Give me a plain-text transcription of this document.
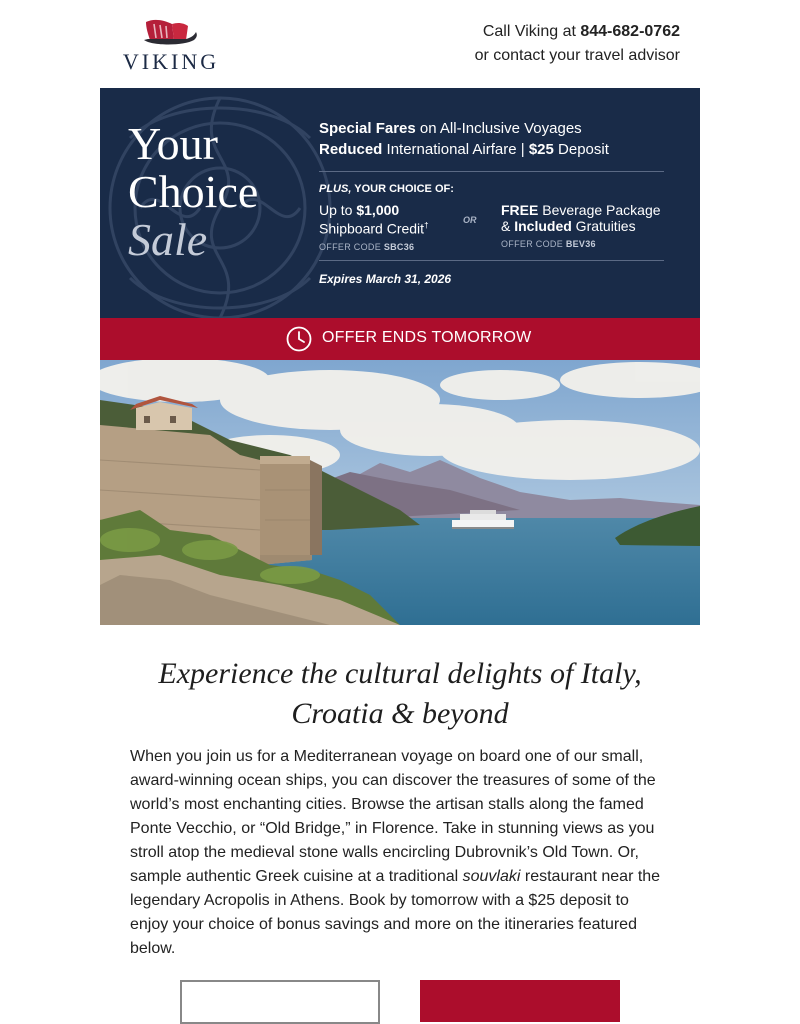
VIKING
Call Viking at 844-682-0762
or contact your travel advisor
Your
Choice
Sale
Special Fares on All-Inclusive Voyages
Reduced International Airfare | $25 Deposit
PLUS, YOUR CHOICE OF:
Up to $1,000
Shipboard Credit†
OFFER CODE SBC36
OR
FREE Beverage Package
& Included Gratuities
OFFER CODE BEV36
Expires March 31, 2026
OFFER ENDS TOMORROW
Experience the cultural delights of Italy,
Croatia & beyond
When you join us for a Mediterranean voyage on board one of our small, award-winning ocean ships, you can discover the treasures of some of the world’s most enchanting cities. Browse the artisan stalls along the famed Ponte Vecchio, or “Old Bridge,” in Florence. Take in stunning views as you stroll atop the medieval stone walls encircling Dubrovnik’s Old Town. Or, sample authentic Greek cuisine at a traditional souvlaki restaurant near the legendary Acropolis in Athens. Book by tomorrow with a $25 deposit to enjoy your choice of bonus savings and more on the itineraries featured below.
